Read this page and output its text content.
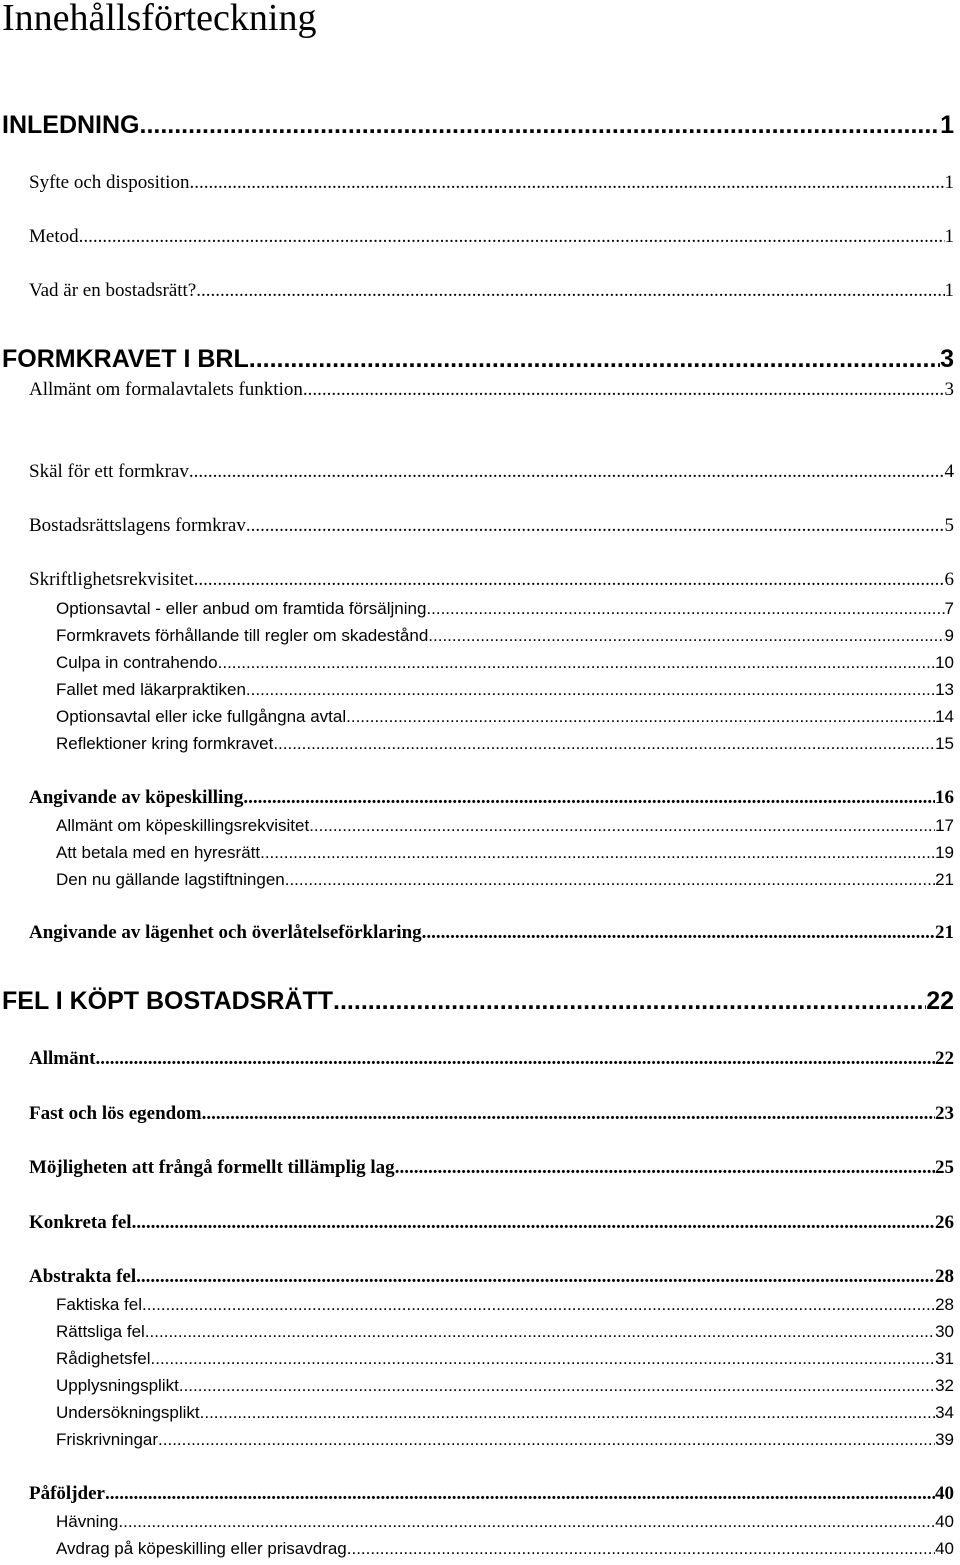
Innehållsförteckning
INLEDNING .....	1
Syfte och disposition .....	1
Metod .....	1
Vad är en bostadsrätt? .....	1
FORMKRAVET I BRL .....	3
Allmänt om formalavtalets funktion .....	3
Skäl för ett formkrav .....	4
Bostadsrättslagens formkrav .....	5
Skriftlighetsrekvisitet .....	6
Optionsavtal - eller anbud om framtida försäljning .....	7
Formkravets förhållande till regler om skadestånd .....	9
Culpa in contrahendo .....	10
Fallet med läkarpraktiken .....	13
Optionsavtal eller icke fullgångna avtal .....	14
Reflektioner kring formkravet .....	15
Angivande av köpeskilling .....	16
Allmänt om köpeskillingsrekvisitet .....	17
Att betala med en hyresrätt .....	19
Den nu gällande lagstiftningen .....	21
Angivande av lägenhet och överlåtelseförklaring .....	21
FEL I KÖPT BOSTADSRÄTT .....	22
Allmänt .....	22
Fast och lös egendom .....	23
Möjligheten att frångå formellt tillämplig lag .....	25
Konkreta fel .....	26
Abstrakta fel .....	28
Faktiska fel .....	28
Rättsliga fel .....	30
Rådighetsfel .....	31
Upplysningsplikt .....	32
Undersökningsplikt .....	34
Friskrivningar .....	39
Påföljder .....	40
Hävning .....	40
Avdrag på köpeskilling eller prisavdrag .....	40
